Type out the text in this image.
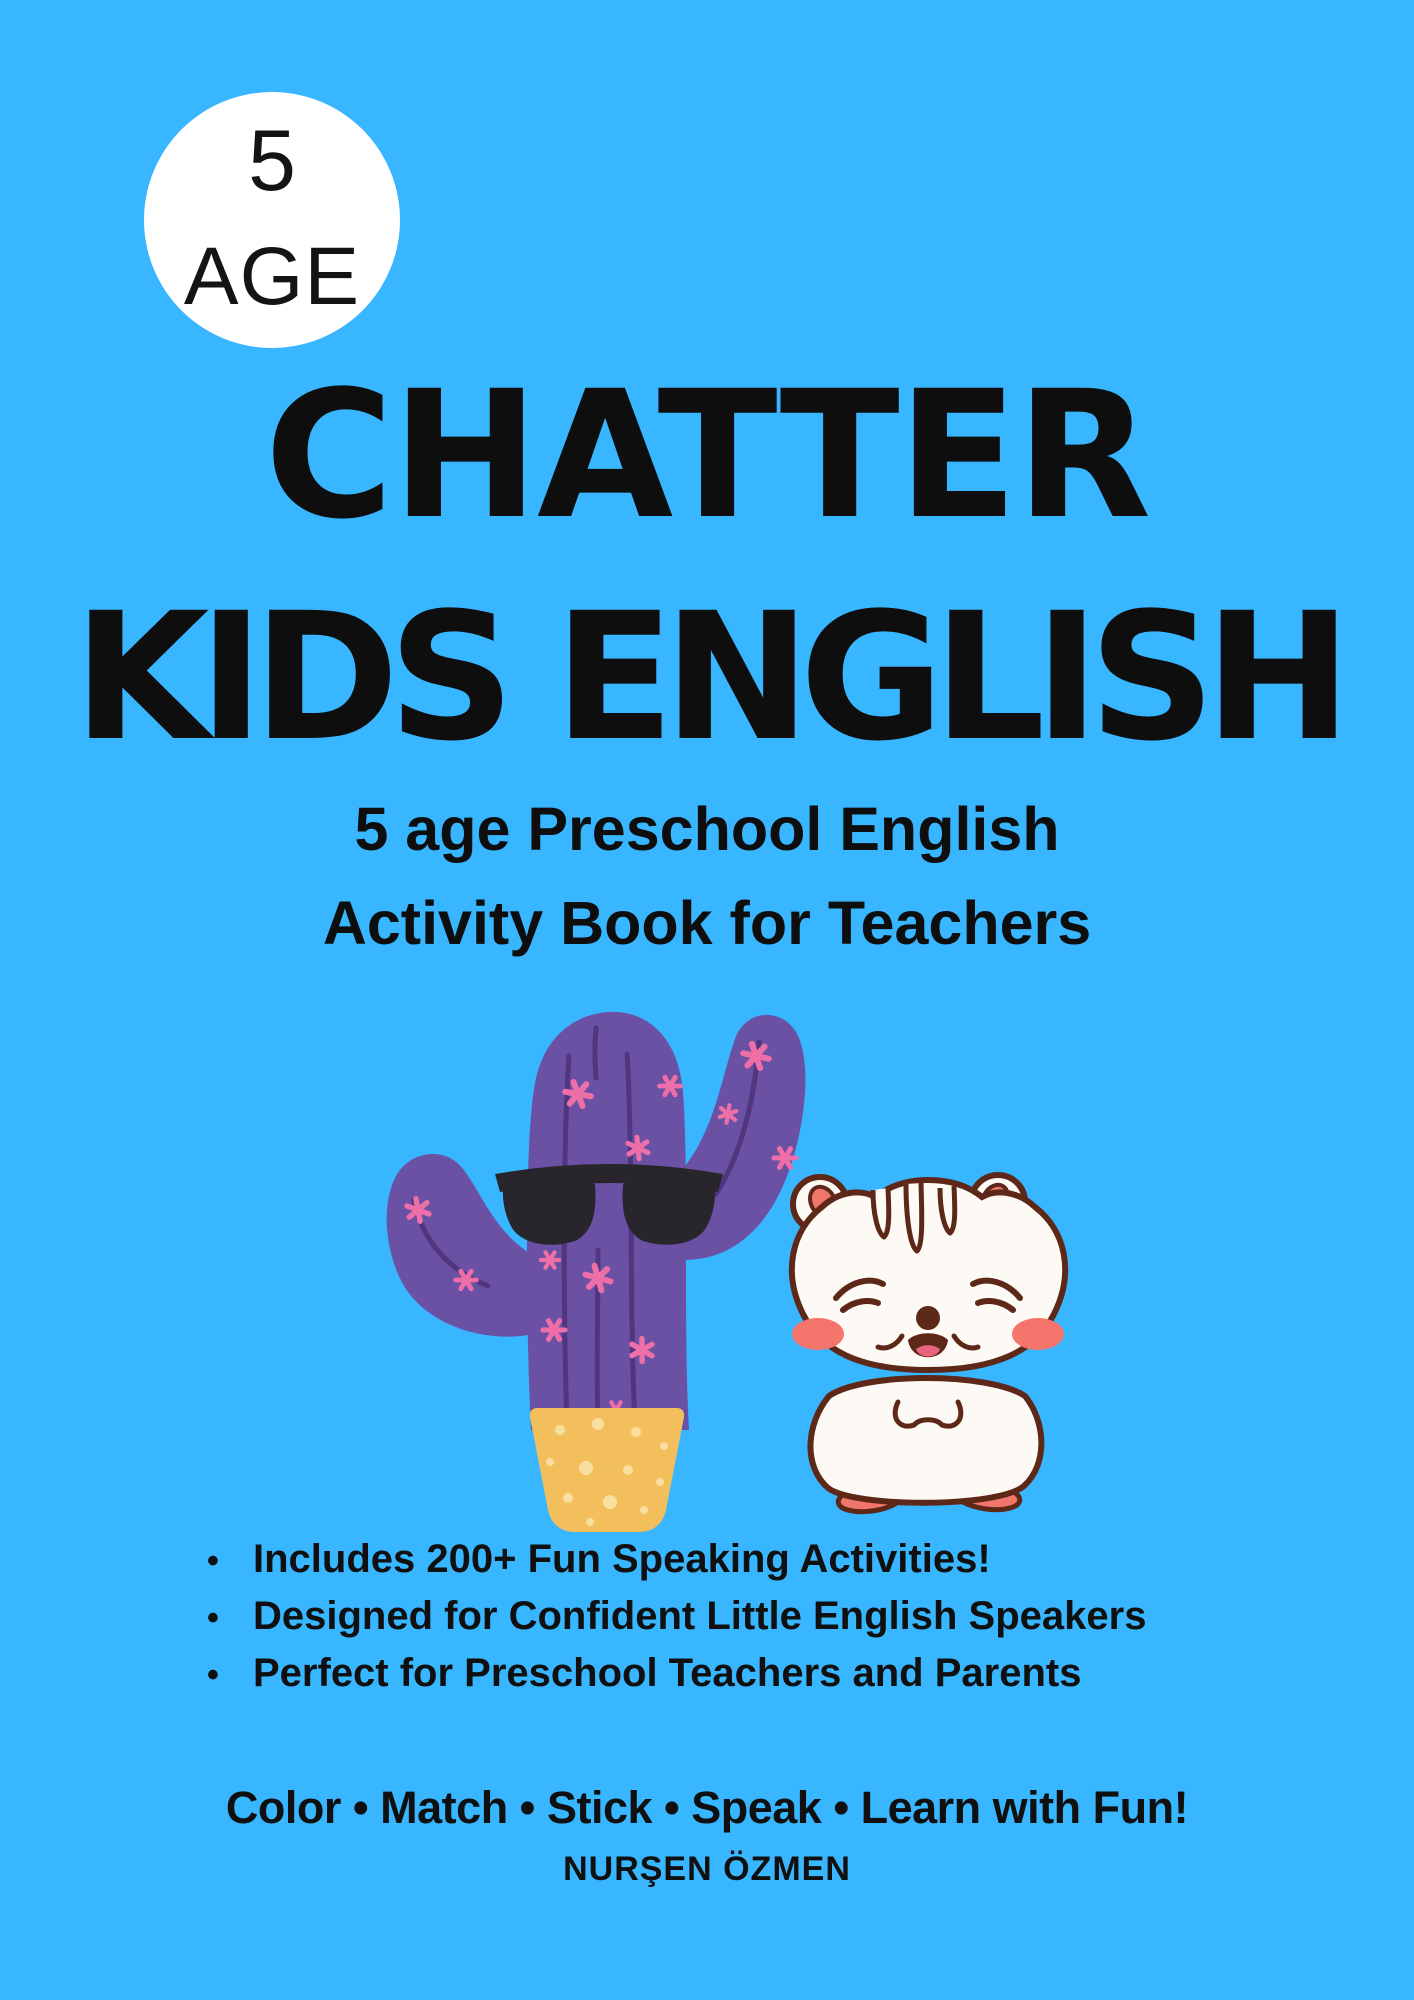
5
AGE
CHATTER
KIDS ENGLISH
5 age Preschool English
Activity Book for Teachers
• Includes 200+ Fun Speaking Activities!
• Designed for Confident Little English Speakers
• Perfect for Preschool Teachers and Parents
Color • Match • Stick • Speak • Learn with Fun!
NURŞEN ÖZMEN
